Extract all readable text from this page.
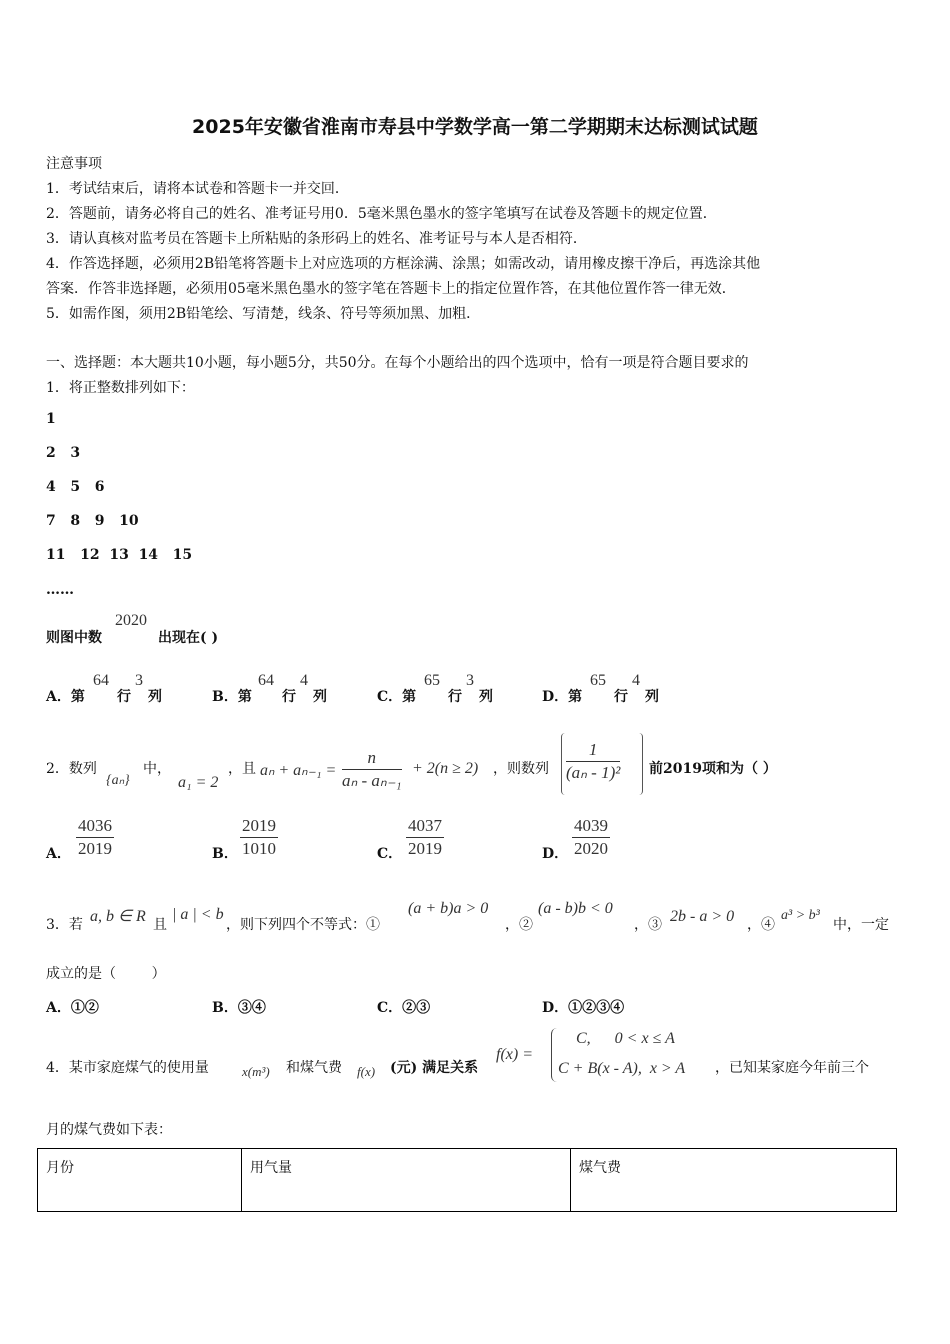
2025年安徽省淮南市寿县中学数学高一第二学期期末达标测试试题
注意事项
1．考试结束后，请将本试卷和答题卡一并交回．
2．答题前，请务必将自己的姓名、准考证号用0．5毫米黑色墨水的签字笔填写在试卷及答题卡的规定位置．
3．请认真核对监考员在答题卡上所粘贴的条形码上的姓名、准考证号与本人是否相符．
4．作答选择题，必须用2B铅笔将答题卡上对应选项的方框涂满、涂黑；如需改动，请用橡皮擦干净后，再选涂其他
答案．作答非选择题，必须用05毫米黑色墨水的签字笔在答题卡上的指定位置作答，在其他位置作答一律无效．
5．如需作图，须用2B铅笔绘、写清楚，线条、符号等须加黑、加粗．
一、选择题：本大题共10小题，每小题5分，共50分。在每个小题给出的四个选项中，恰有一项是符合题目要求的
1．将正整数排列如下：
1
2   3
4   5   6
7   8   9   10
11   12  13  14   15
……
则图中数
2020
出现在( )
A．第
64
行
3
列	B．第
64
行
4
列	C．第
65
行
3
列	D．第
65
行
4
列
2．数列
{aₙ}
中，
a₁ = 2
，且 $a_n + a_{n-1} = \frac{n}{\text{aₙ - aₙ₋₁}} + 2(n \ge 2)$ ，则数列 $\frac{1}{\text{(aₙ - 1)²}}$ 前2019项和为（ ）
A． $\frac{4036}{2019}$	B． $\frac{2019}{1010}$	C． $\frac{4037}{2019}$	D． $\frac{4039}{2020}$
3．若 a, b ∈ R 且
| a | < b
，则下列四个不等式：①
(a + b)a > 0
，②
(a - b)b < 0
，③ 2b - a > 0 ，④
a³ > b³
中，一定
成立的是（        ）
A．①②	B．③④	C．②③	D．①②③④
4．某市家庭煤气的使用量	x(m³) 和煤气费 f(x) (元) 满足关系
f(x) =
C,      0 < x ≤ A
C + B(x - A),  x > A ，已知某家庭今年前三个
月的煤气费如下表：
月份	用气量	煤气费
